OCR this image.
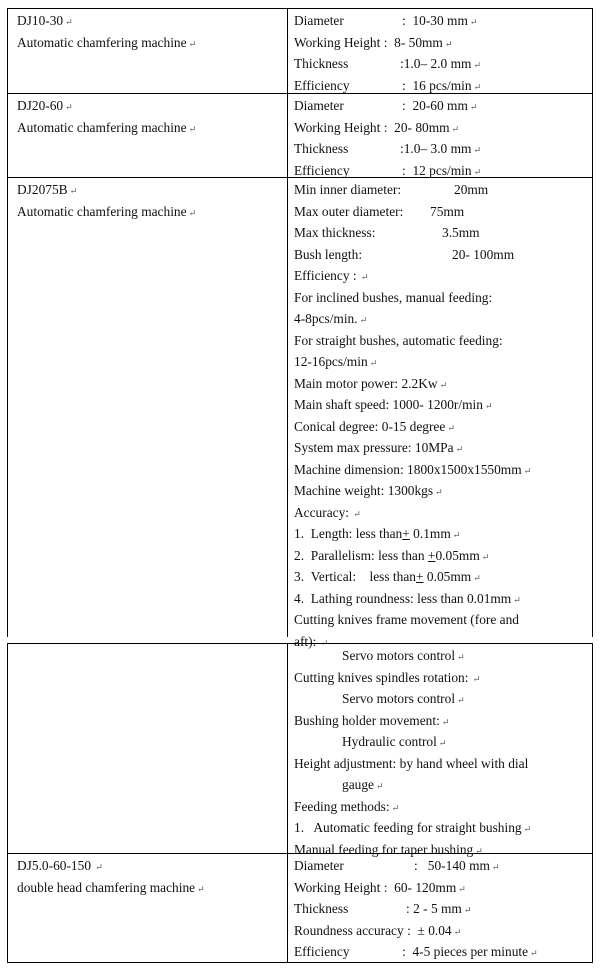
DJ10-30 ↵
Automatic chamfering machine ↵
Diameter	: 10-30 mm ↵
Working Height : 8- 50mm ↵
Thickness	:1.0– 2.0 mm ↵
Efficiency	: 16 pcs/min ↵
DJ20-60 ↵
Automatic chamfering machine ↵
Diameter	: 20-60 mm ↵
Working Height : 20- 80mm ↵
Thickness	:1.0– 3.0 mm ↵
Efficiency	: 12 pcs/min ↵
DJ2075B ↵
Automatic chamfering machine ↵
Min inner diameter:	20mm
Max outer diameter: 75mm
Max thickness:	3.5mm
Bush length:	20- 100mm
Efficiency : ↵
For inclined bushes, manual feeding:
4-8pcs/min. ↵
For straight bushes, automatic feeding:
12-16pcs/min ↵
Main motor power: 2.2Kw ↵
Main shaft speed: 1000- 1200r/min ↵
Conical degree: 0-15 degree ↵
System max pressure: 10MPa ↵
Machine dimension: 1800x1500x1550mm ↵
Machine weight: 1300kgs ↵
Accuracy: ↵
1. Length: less than+ 0.1mm ↵
2. Parallelism: less than +0.05mm ↵
3. Vertical:    less than+ 0.05mm ↵
4. Lathing roundness: less than 0.01mm ↵
Cutting knives frame movement (fore and
aft): ↵
Servo motors control ↵
Cutting knives spindles rotation: ↵
Servo motors control ↵
Bushing holder movement: ↵
Hydraulic control ↵
Height adjustment: by hand wheel with dial
gauge ↵
Feeding methods: ↵
1.   Automatic feeding for straight bushing ↵
Manual feeding for taper bushing ↵
DJ5.0-60-150 ↵
double head chamfering machine ↵
Diameter	: 50-140 mm ↵
Working Height : 60- 120mm ↵
Thickness	: 2 - 5 mm ↵
Roundness accuracy : ± 0.04 ↵
Efficiency	: 4-5 pieces per minute ↵
